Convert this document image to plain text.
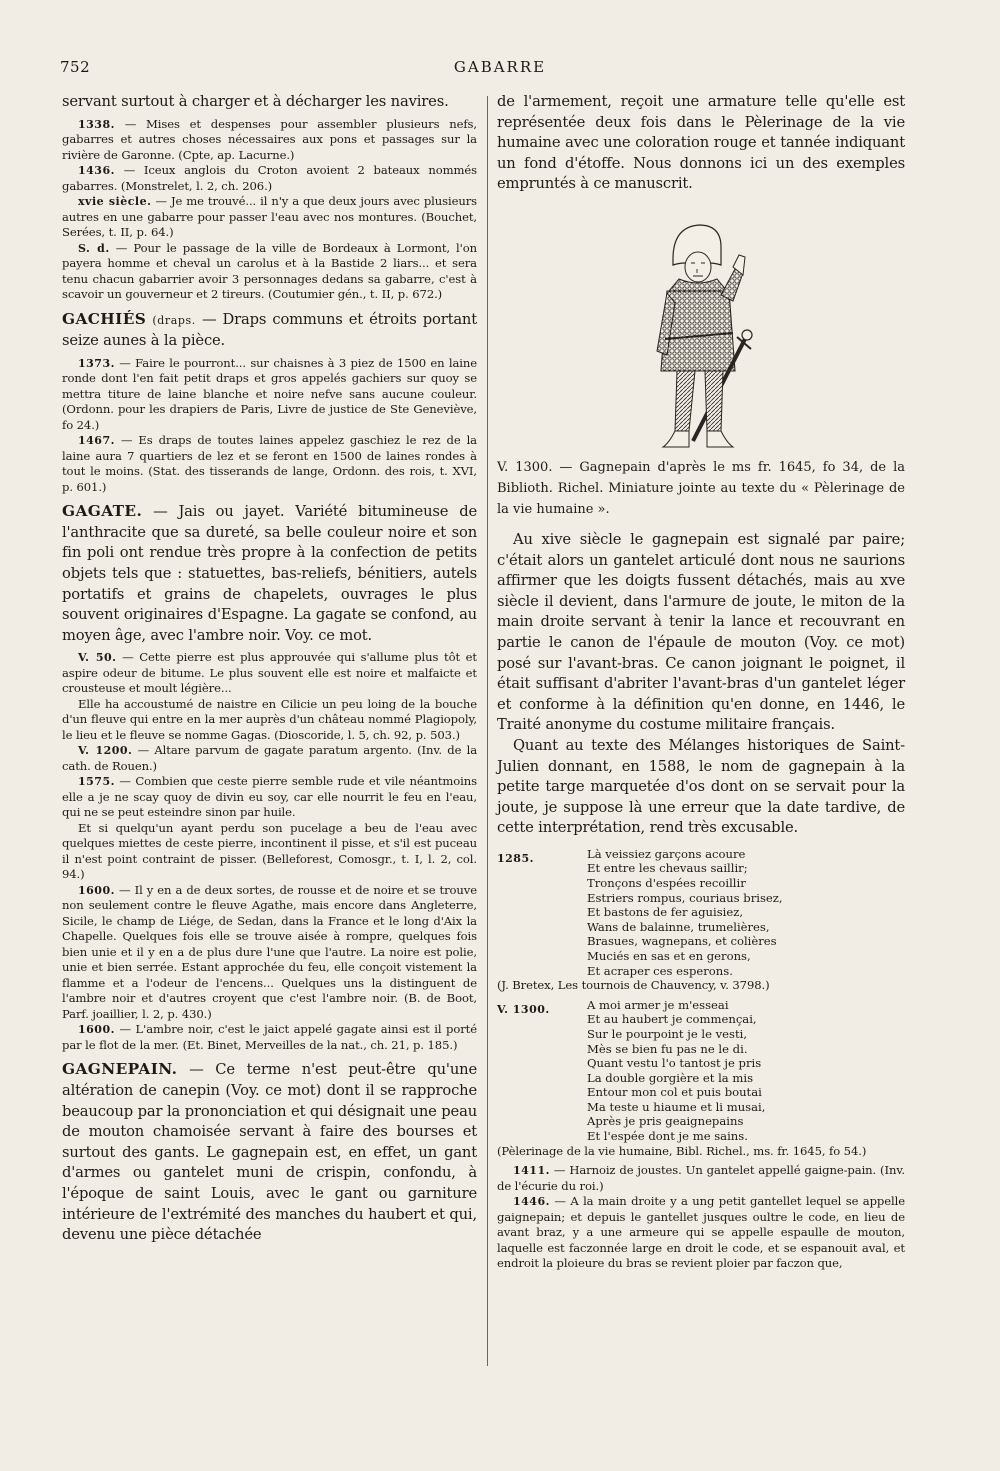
752	GABARRE

servant surtout à charger et à décharger les navires.

1338. — Mises et despenses pour assembler plusieurs nefs, gabarres et autres choses nécessaires aux pons et passages sur la rivière de Garonne. (Cpte, ap. Lacurne.)

1436. — Iceux anglois du Croton avoient 2 bateaux nommés gabarres. (Monstrelet, l. 2, ch. 206.)

xvie siècle. — Je me trouvé... il n'y a que deux jours avec plusieurs autres en une gabarre pour passer l'eau avec nos montures. (Bouchet, Serées, t. II, p. 64.)

S. d. — Pour le passage de la ville de Bordeaux à Lormont, l'on payera homme et cheval un carolus et à la Bastide 2 liars... et sera tenu chacun gabarrier avoir 3 personnages dedans sa gabarre, c'est à scavoir un gouverneur et 2 tireurs. (Coutumier gén., t. II, p. 672.)

GACHIÉS (draps. — Draps communs et étroits portant seize aunes à la pièce.

1373. — Faire le pourront... sur chaisnes à 3 piez de 1500 en laine ronde dont l'en fait petit draps et gros appelés gachiers sur quoy se mettra titure de laine blanche et noire nefve sans aucune couleur. (Ordonn. pour les drapiers de Paris, Livre de justice de Ste Geneviève, fo 24.)

1467. — Es draps de toutes laines appelez gaschiez le rez de la laine aura 7 quartiers de lez et se feront en 1500 de laines rondes à tout le moins. (Stat. des tisserands de lange, Ordonn. des rois, t. XVI, p. 601.)

GAGATE. — Jais ou jayet. Variété bitumineuse de l'anthracite que sa dureté, sa belle couleur noire et son fin poli ont rendue très propre à la confection de petits objets tels que : statuettes, bas-reliefs, bénitiers, autels portatifs et grains de chapelets, ouvrages le plus souvent originaires d'Espagne. La gagate se confond, au moyen âge, avec l'ambre noir. Voy. ce mot.

V. 50. — Cette pierre est plus approuvée qui s'allume plus tôt et aspire odeur de bitume. Le plus souvent elle est noire et malfaicte et crousteuse et moult légière...

Elle ha accoustumé de naistre en Cilicie un peu loing de la bouche d'un fleuve qui entre en la mer auprès d'un château nommé Plagiopoly, le lieu et le fleuve se nomme Gagas. (Dioscoride, l. 5, ch. 92, p. 503.)

V. 1200. — Altare parvum de gagate paratum argento. (Inv. de la cath. de Rouen.)

1575. — Combien que ceste pierre semble rude et vile néantmoins elle a je ne scay quoy de divin eu soy, car elle nourrit le feu en l'eau, qui ne se peut esteindre sinon par huile.

Et si quelqu'un ayant perdu son pucelage a beu de l'eau avec quelques miettes de ceste pierre, incontinent il pisse, et s'il est puceau il n'est point contraint de pisser. (Belleforest, Comosgr., t. I, l. 2, col. 94.)

1600. — Il y en a de deux sortes, de rousse et de noire et se trouve non seulement contre le fleuve Agathe, mais encore dans Angleterre, Sicile, le champ de Liége, de Sedan, dans la France et le long d'Aix la Chapelle. Quelques fois elle se trouve aisée à rompre, quelques fois bien unie et il y en a de plus dure l'une que l'autre. La noire est polie, unie et bien serrée. Estant approchée du feu, elle conçoit vistement la flamme et a l'odeur de l'encens... Quelques uns la distinguent de l'ambre noir et d'autres croyent que c'est l'ambre noir. (B. de Boot, Parf. joaillier, l. 2, p. 430.)

1600. — L'ambre noir, c'est le jaict appelé gagate ainsi est il porté par le flot de la mer. (Et. Binet, Merveilles de la nat., ch. 21, p. 185.)

GAGNEPAIN. — Ce terme n'est peut-être qu'une altération de canepin (Voy. ce mot) dont il se rapproche beaucoup par la prononciation et qui désignait une peau de mouton chamoisée servant à faire des bourses et surtout des gants. Le gagnepain est, en effet, un gant d'armes ou gantelet muni de crispin, confondu, à l'époque de saint Louis, avec le gant ou garniture intérieure de l'extrémité des manches du haubert et qui, devenu une pièce détachée

de l'armement, reçoit une armature telle qu'elle est représentée deux fois dans le Pèlerinage de la vie humaine avec une coloration rouge et tannée indiquant un fond d'étoffe. Nous donnons ici un des exemples empruntés à ce manuscrit.

V. 1300. — Gagnepain d'après le ms fr. 1645, fo 34, de la Biblioth. Richel. Miniature jointe au texte du « Pèlerinage de la vie humaine ».

Au xive siècle le gagnepain est signalé par paire; c'était alors un gantelet articulé dont nous ne saurions affirmer que les doigts fussent détachés, mais au xve siècle il devient, dans l'armure de joute, le miton de la main droite servant à tenir la lance et recouvrant en partie le canon de l'épaule de mouton (Voy. ce mot) posé sur l'avant-bras. Ce canon joignant le poignet, il était suffisant d'abriter l'avant-bras d'un gantelet léger et conforme à la définition qu'en donne, en 1446, le Traité anonyme du costume militaire français.

Quant au texte des Mélanges historiques de Saint-Julien donnant, en 1588, le nom de gagnepain à la petite targe marquetée d'os dont on se servait pour la joute, je suppose là une erreur que la date tardive, de cette interprétation, rend très excusable.

1285.	Là veissiez garçons acoure
Et entre les chevaus saillir;
Tronçons d'espées recoillir
Estriers rompus, couriaus brisez,
Et bastons de fer aguisiez,
Wans de balainne, trumelières,
Brasues, wagnepans, et colières
Muciés en sas et en gerons,
Et acraper ces esperons.

(J. Bretex, Les tournois de Chauvency, v. 3798.)

V. 1300.	A moi armer je m'esseai
Et au haubert je commençai,
Sur le pourpoint je le vesti,
Mès se bien fu pas ne le di.
Quant vestu l'o tantost je pris
La double gorgière et la mis
Entour mon col et puis boutai
Ma teste u hiaume et li musai,
Après je pris geaignepains
Et l'espée dont je me sains.

(Pèlerinage de la vie humaine, Bibl. Richel., ms. fr. 1645, fo 54.)

1411. — Harnoiz de joustes. Un gantelet appellé gaigne-pain. (Inv. de l'écurie du roi.)

1446. — A la main droite y a ung petit gantellet lequel se appelle gaignepain; et depuis le gantellet jusques oultre le code, en lieu de avant braz, y a une armeure qui se appelle espaulle de mouton, laquelle est faczonnée large en droit le code, et se espanouit aval, et endroit la ploieure du bras se revient ploier par faczon que,
